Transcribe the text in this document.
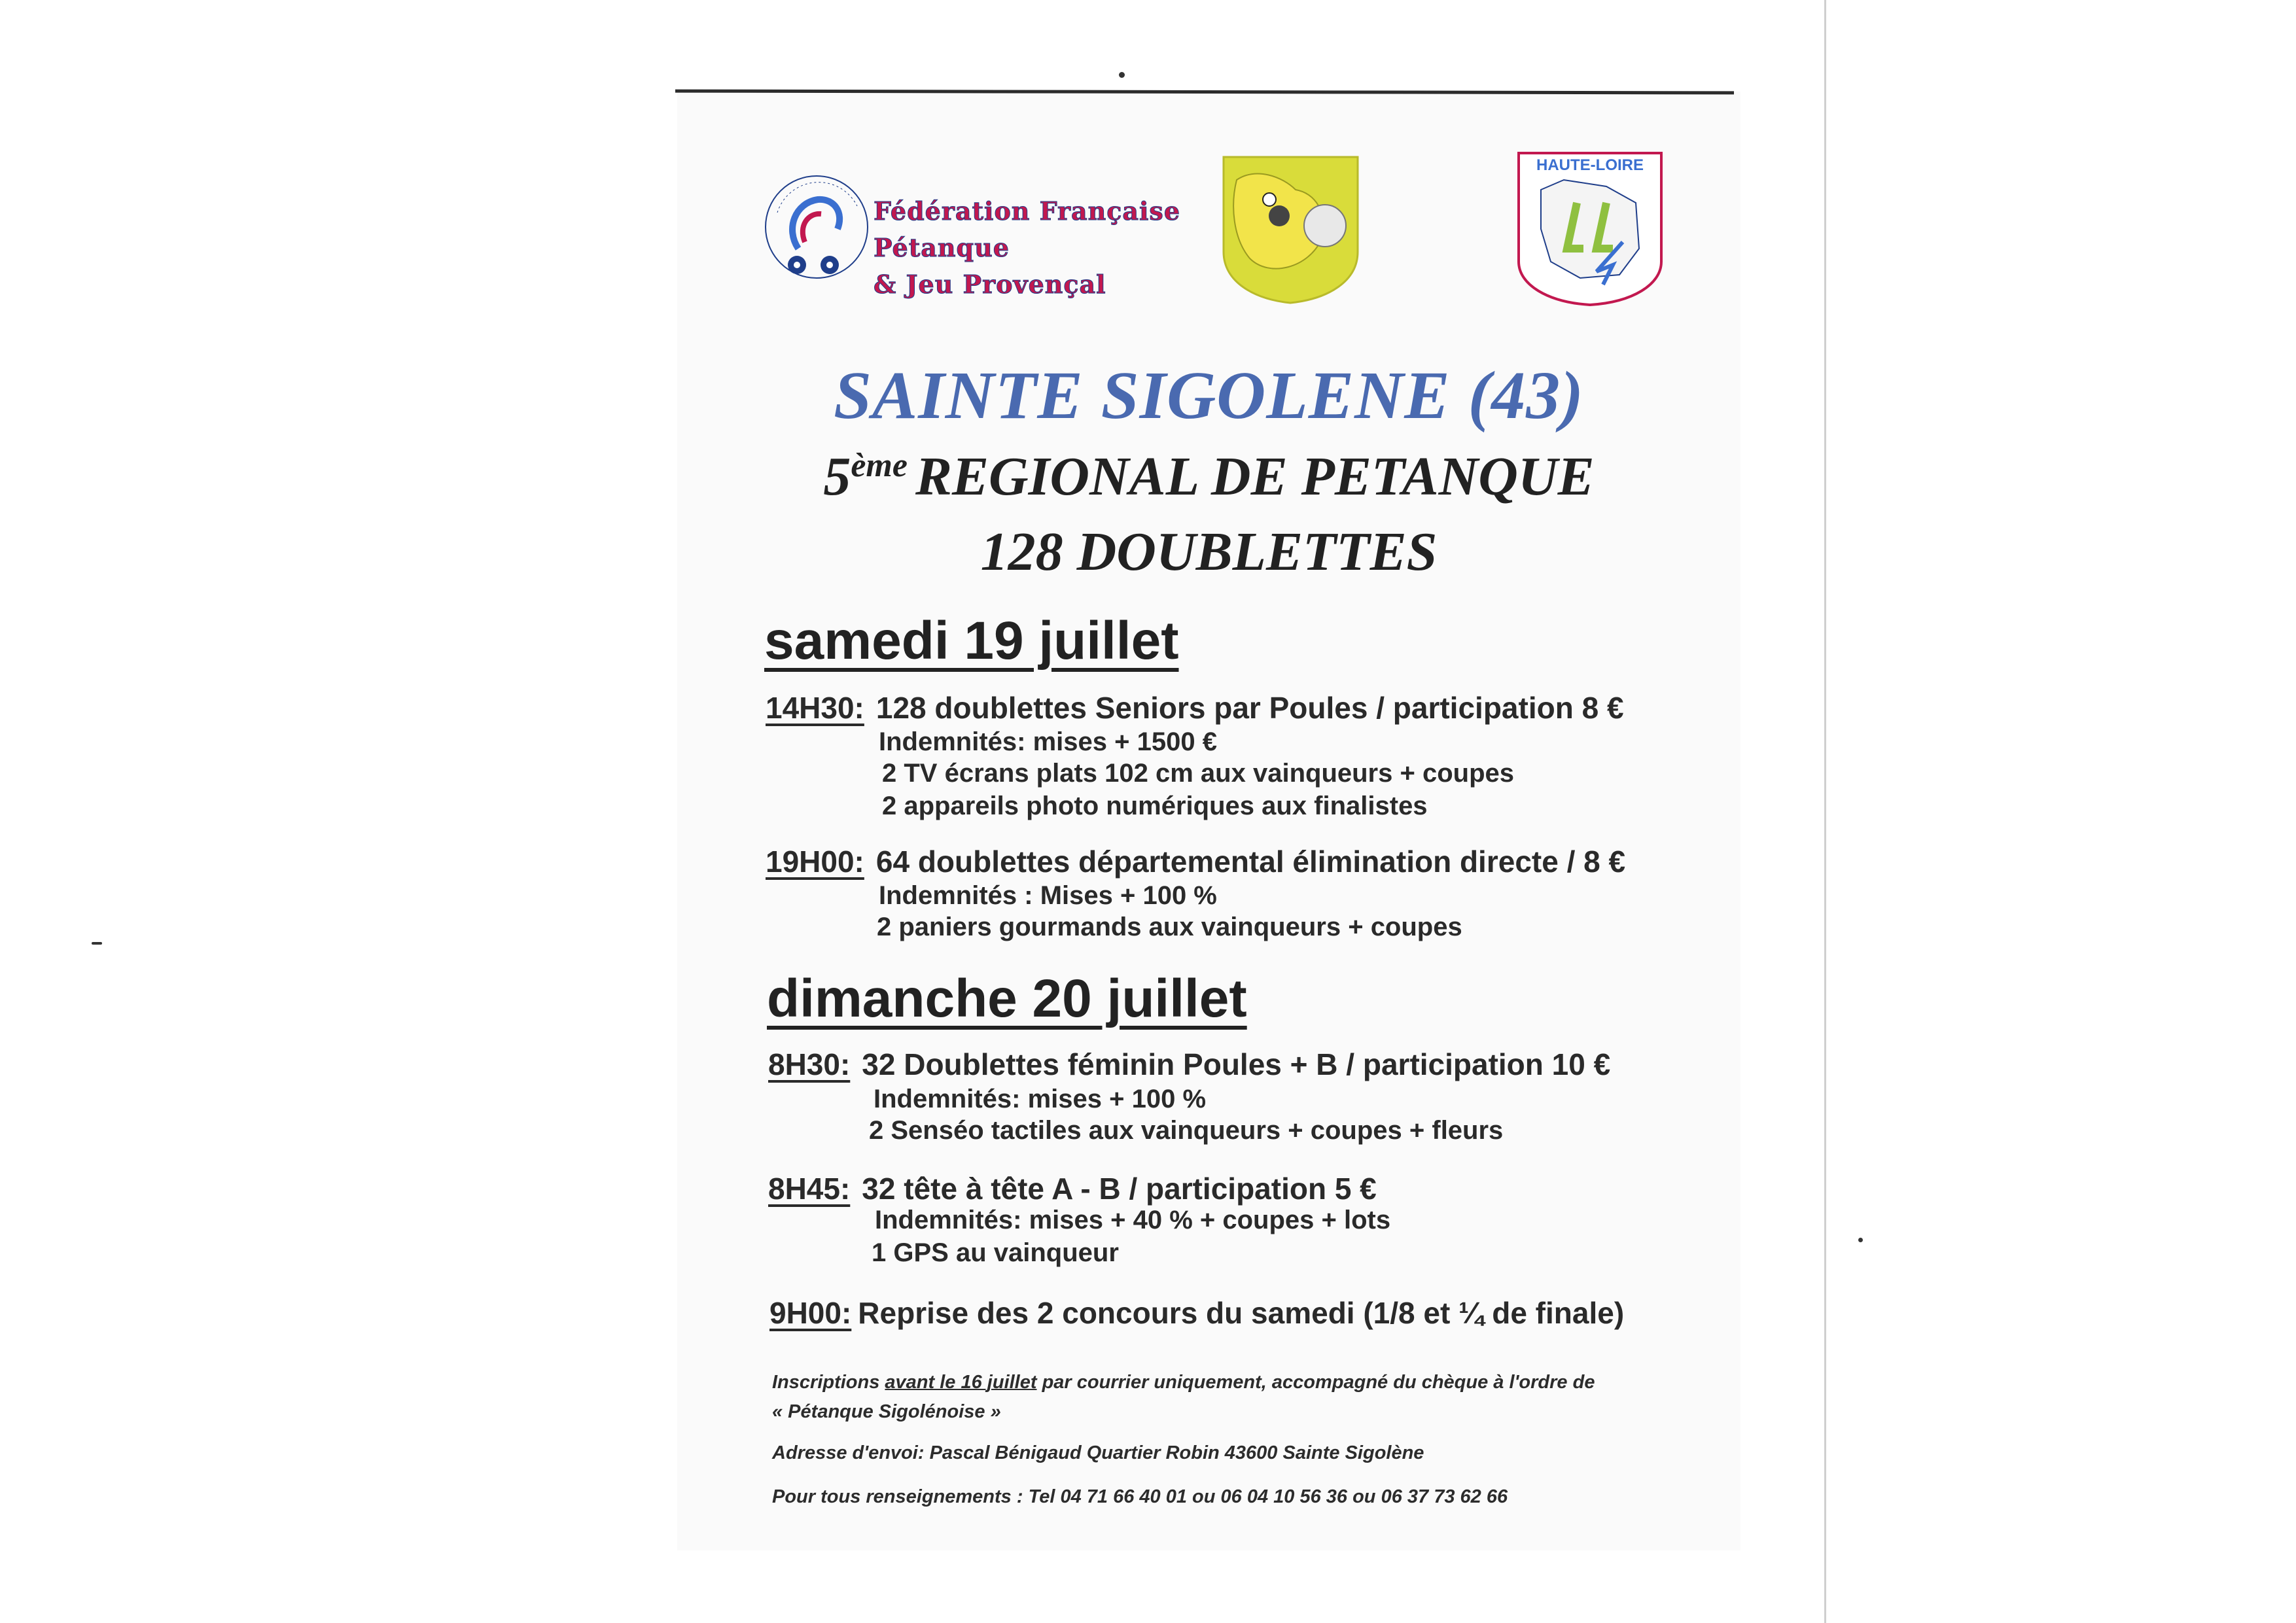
Fédération Française
Pétanque
& Jeu Provençal
HAUTE-LOIRE
SAINTE SIGOLENE (43)
5ème REGIONAL DE PETANQUE
128 DOUBLETTES
samedi 19 juillet
14H30: 128 doublettes Seniors par Poules / participation 8 €
Indemnités: mises + 1500 €
2 TV écrans plats 102 cm aux vainqueurs + coupes
2 appareils photo numériques aux finalistes
19H00: 64 doublettes départemental élimination directe / 8 €
Indemnités : Mises + 100 %
2 paniers gourmands aux vainqueurs + coupes
dimanche 20 juillet
8H30: 32 Doublettes féminin Poules + B / participation 10 €
Indemnités: mises + 100 %
2 Senséo tactiles aux vainqueurs + coupes + fleurs
8H45: 32 tête à tête A - B / participation 5 €
Indemnités: mises + 40 % + coupes + lots
1 GPS au vainqueur
9H00: Reprise des 2 concours du samedi (1/8 et ¼ de finale)
Inscriptions avant le 16 juillet par courrier uniquement, accompagné du chèque à l'ordre de
« Pétanque Sigolénoise »
Adresse d'envoi: Pascal Bénigaud Quartier Robin 43600 Sainte Sigolène
Pour tous renseignements : Tel 04 71 66 40 01 ou 06 04 10 56 36 ou 06 37 73 62 66
